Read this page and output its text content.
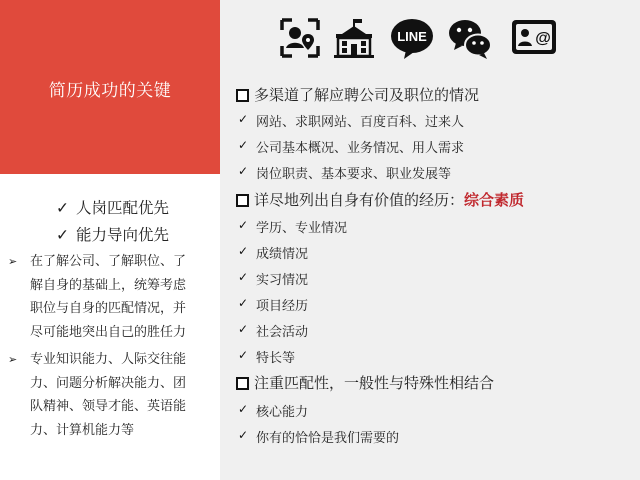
简历成功的关键
✓ 人岗匹配优先
✓ 能力导向优先
➢ 在了解公司、了解职位、了
解自身的基础上，统筹考虑
职位与自身的匹配情况，并
尽可能地突出自己的胜任力
➢ 专业知识能力、人际交往能
力、问题分析解决能力、团
队精神、领导才能、英语能
力、计算机能力等
LINE	@
多渠道了解应聘公司及职位的情况
✓ 网站、求职网站、百度百科、过来人
✓ 公司基本概况、业务情况、用人需求
✓ 岗位职责、基本要求、职业发展等
详尽地列出自身有价值的经历：综合素质
✓ 学历、专业情况
✓ 成绩情况
✓ 实习情况
✓ 项目经历
✓ 社会活动
✓ 特长等
注重匹配性，一般性与特殊性相结合
✓ 核心能力
✓ 你有的恰恰是我们需要的
